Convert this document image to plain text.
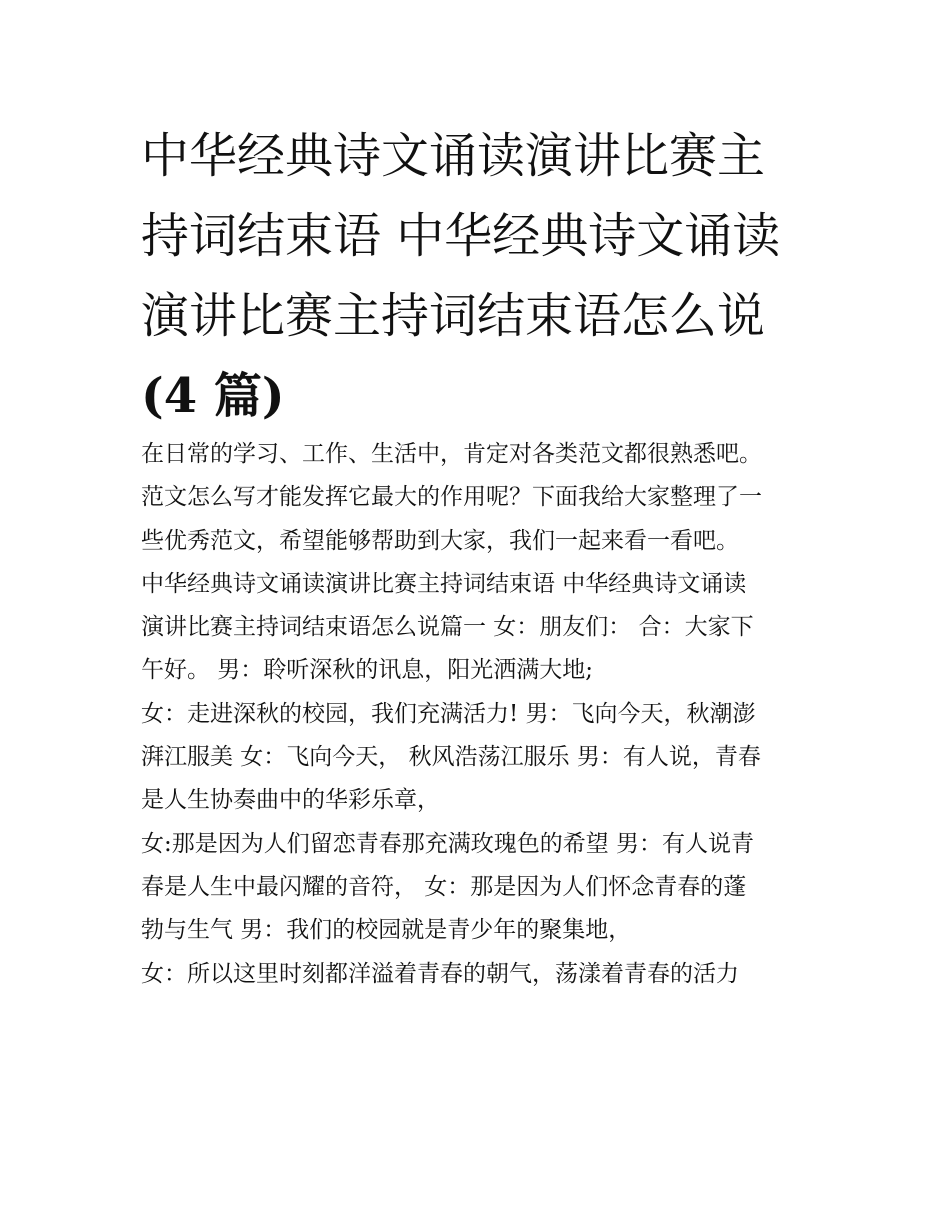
中华经典诗文诵读演讲比赛主
持词结束语 中华经典诗文诵读
演讲比赛主持词结束语怎么说
(4 篇)
在日常的学习、工作、生活中，肯定对各类范文都很熟悉吧。
范文怎么写才能发挥它最大的作用呢？下面我给大家整理了一
些优秀范文，希望能够帮助到大家，我们一起来看一看吧。
中华经典诗文诵读演讲比赛主持词结束语 中华经典诗文诵读
演讲比赛主持词结束语怎么说篇一 女：朋友们： 合：大家下
午好。 男：聆听深秋的讯息，阳光洒满大地;
女：走进深秋的校园，我们充满活力! 男：飞向今天，秋潮澎
湃江服美 女：飞向今天， 秋风浩荡江服乐 男：有人说，青春
是人生协奏曲中的华彩乐章，
女:那是因为人们留恋青春那充满玫瑰色的希望 男：有人说青
春是人生中最闪耀的音符， 女：那是因为人们怀念青春的蓬
勃与生气 男：我们的校园就是青少年的聚集地，
女：所以这里时刻都洋溢着青春的朝气，荡漾着青春的活力
